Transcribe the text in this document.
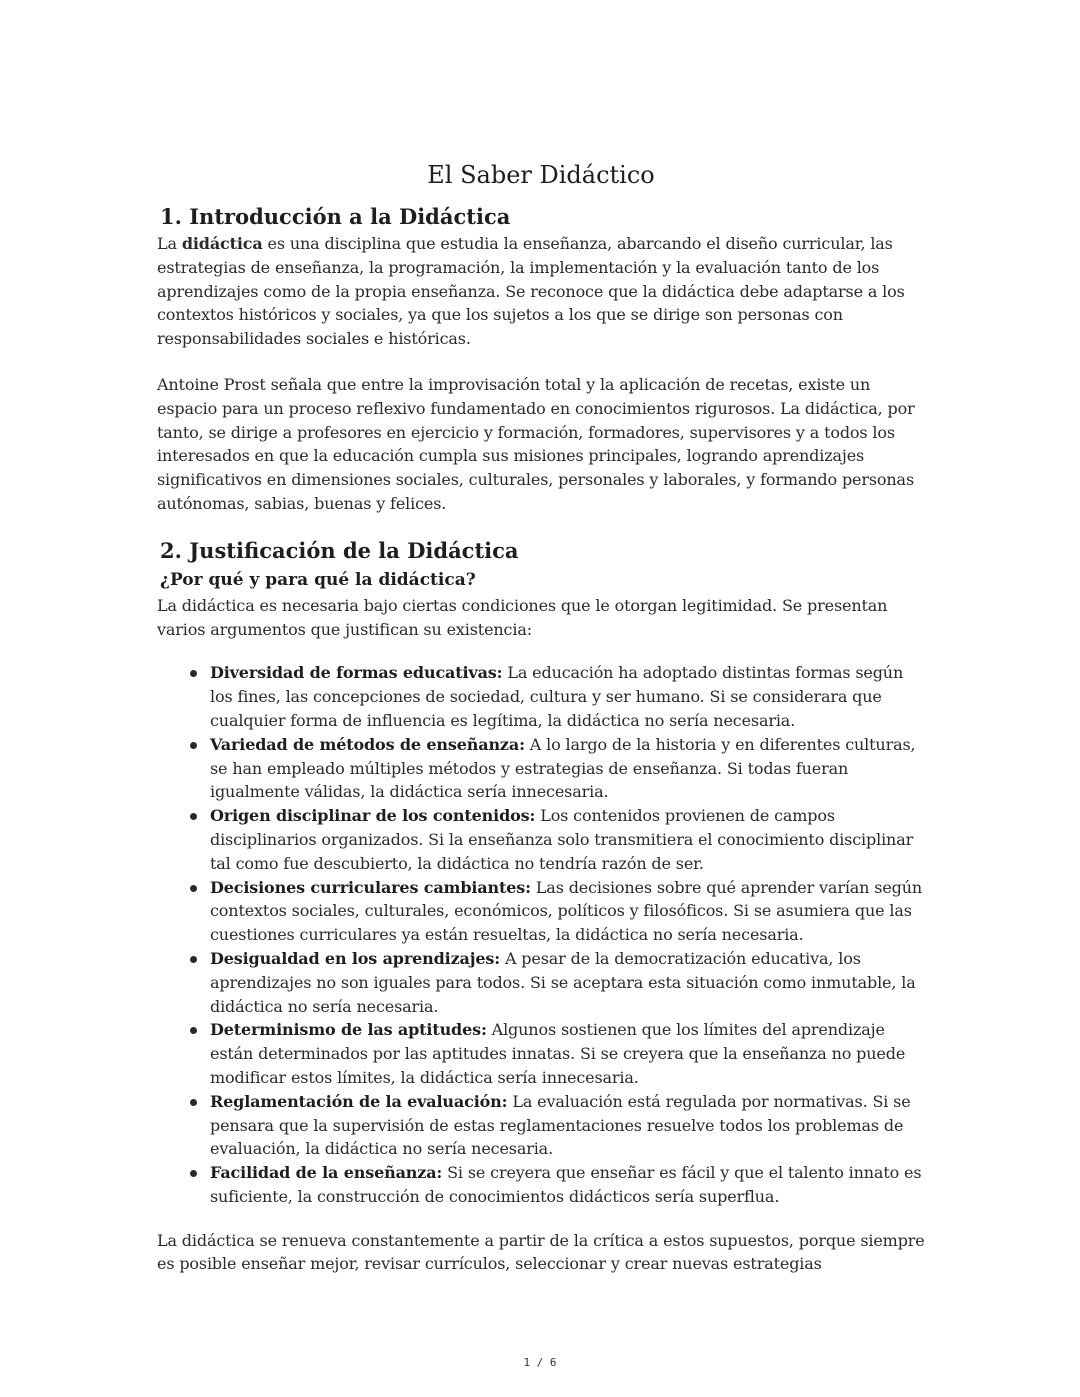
El Saber Didáctico
1. Introducción a la Didáctica

La didáctica es una disciplina que estudia la enseñanza, abarcando el diseño curricular, las estrategias de enseñanza, la programación, la implementación y la evaluación tanto de los aprendizajes como de la propia enseñanza. Se reconoce que la didáctica debe adaptarse a los contextos históricos y sociales, ya que los sujetos a los que se dirige son personas con responsabilidades sociales e históricas.

Antoine Prost señala que entre la improvisación total y la aplicación de recetas, existe un espacio para un proceso reflexivo fundamentado en conocimientos rigurosos. La didáctica, por tanto, se dirige a profesores en ejercicio y formación, formadores, supervisores y a todos los interesados en que la educación cumpla sus misiones principales, logrando aprendizajes significativos en dimensiones sociales, culturales, personales y laborales, y formando personas autónomas, sabias, buenas y felices.

2. Justificación de la Didáctica
¿Por qué y para qué la didáctica?

La didáctica es necesaria bajo ciertas condiciones que le otorgan legitimidad. Se presentan varios argumentos que justifican su existencia:

Diversidad de formas educativas: La educación ha adoptado distintas formas según los fines, las concepciones de sociedad, cultura y ser humano. Si se considerara que cualquier forma de influencia es legítima, la didáctica no sería necesaria.
Variedad de métodos de enseñanza: A lo largo de la historia y en diferentes culturas, se han empleado múltiples métodos y estrategias de enseñanza. Si todas fueran igualmente válidas, la didáctica sería innecesaria.
Origen disciplinar de los contenidos: Los contenidos provienen de campos disciplinarios organizados. Si la enseñanza solo transmitiera el conocimiento disciplinar tal como fue descubierto, la didáctica no tendría razón de ser.
Decisiones curriculares cambiantes: Las decisiones sobre qué aprender varían según contextos sociales, culturales, económicos, políticos y filosóficos. Si se asumiera que las cuestiones curriculares ya están resueltas, la didáctica no sería necesaria.
Desigualdad en los aprendizajes: A pesar de la democratización educativa, los aprendizajes no son iguales para todos. Si se aceptara esta situación como inmutable, la didáctica no sería necesaria.
Determinismo de las aptitudes: Algunos sostienen que los límites del aprendizaje están determinados por las aptitudes innatas. Si se creyera que la enseñanza no puede modificar estos límites, la didáctica sería innecesaria.
Reglamentación de la evaluación: La evaluación está regulada por normativas. Si se pensara que la supervisión de estas reglamentaciones resuelve todos los problemas de evaluación, la didáctica no sería necesaria.
Facilidad de la enseñanza: Si se creyera que enseñar es fácil y que el talento innato es suficiente, la construcción de conocimientos didácticos sería superflua.

La didáctica se renueva constantemente a partir de la crítica a estos supuestos, porque siempre es posible enseñar mejor, revisar currículos, seleccionar y crear nuevas estrategias

1 / 6
